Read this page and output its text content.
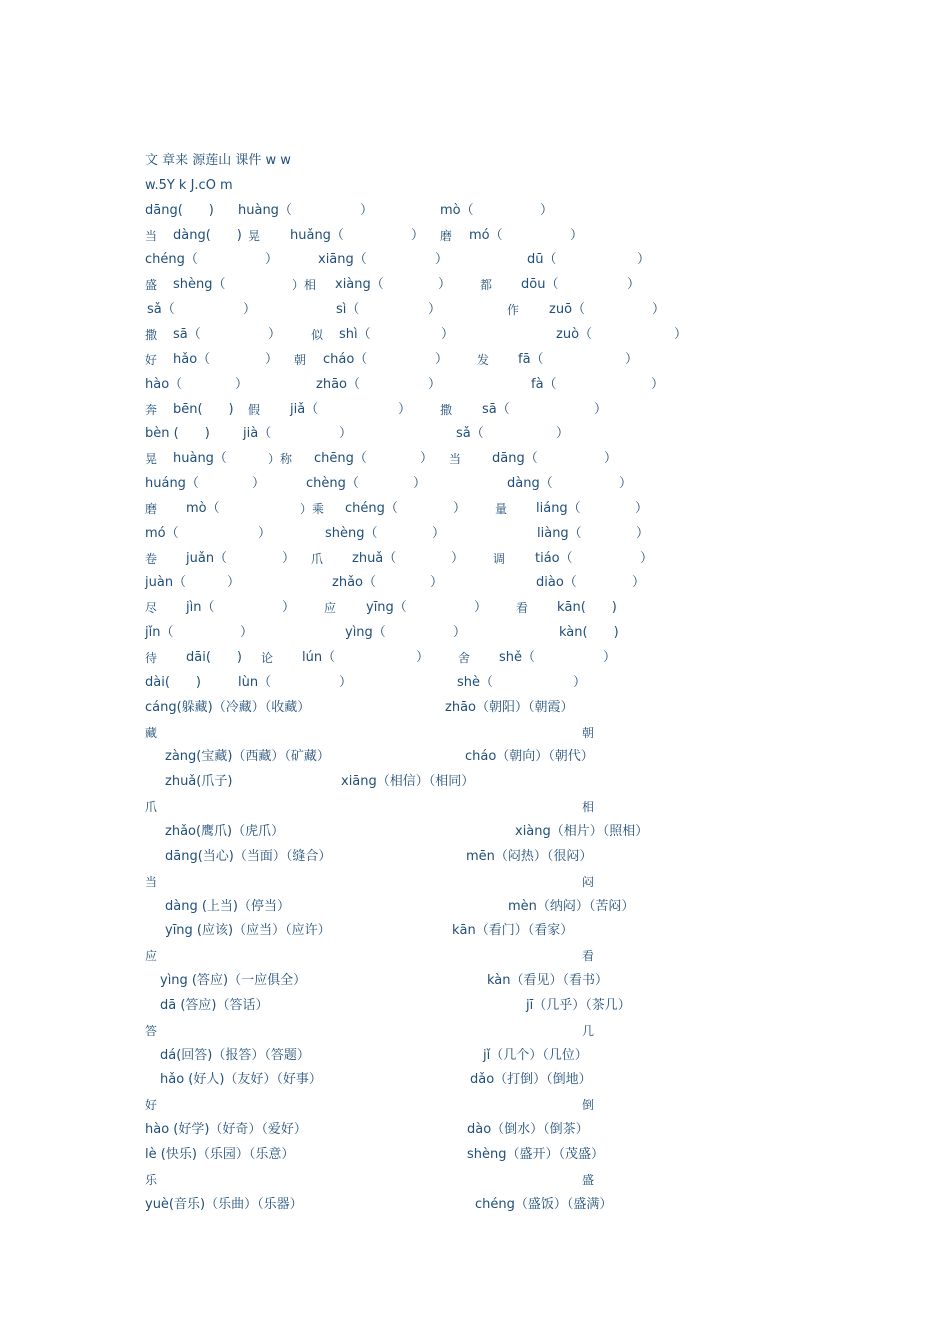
文 章来 源莲山 课件 w w
w.5Y k J.cO m
dāng(　　) huàng（	）	mò（	）
当 dàng(　　) 晃 huǎng（	） 磨 mó（	）
chéng（	）	xiāng（	）	dū（	）
盛 shèng（	）相 xiàng（	） 都 dōu（	）
sǎ（	）	sì（	）	作 zuō（	）
撒 sā（	） 似 shì（	）	zuò（	）
好 hǎo（	） 朝 cháo（	） 发 fā（	）
hào（	）	zhāo（	）	fà（	）
奔 bēn(　　) 假 jiǎ（	） 撒 sā（	）
bèn (　　)	jià（	）	sǎ（	）
晃 huàng（	）称 chēng（	） 当 dāng（	）
huáng（	）	chèng（	）	dàng（	）
磨 mò（	）乘 chéng（	） 量 liáng（	）
mó（	）	shèng（	）	liàng（	）
卷 juǎn（	） 爪 zhuǎ（	） 调 tiáo（	）
juàn（	）	zhǎo（	）	diào（	）
尽 jìn（	） 应 yīng（	） 看 kān(　　)
jǐn（	）	yìng（	）	kàn(　　)
待 dāi(　　) 论 lún（	） 舍 shě（	）
dài(　　)	lùn（	）	shè（	）
cáng(躲藏)（冷藏）（收藏）	zhāo（朝阳）（朝霞）
藏	朝
zàng(宝藏)（西藏）（矿藏）	cháo（朝向）（朝代）
zhuǎ(爪子)	xiāng（相信）（相同）
爪	相
zhǎo(鹰爪)（虎爪）	xiàng（相片）（照相）
dāng(当心)（当面）（缝合）	mēn（闷热）（很闷）
当	闷
dàng (上当)（停当）	mèn（纳闷）（苦闷）
yīng (应该)（应当）（应许）	kān（看门）（看家）
应	看
yìng (答应)（一应俱全）	kàn（看见）（看书）
dā (答应)（答话）	jī（几乎）（茶几）
答	几
dá(回答)（报答）（答题）	jǐ（几个）（几位）
hǎo (好人)（友好）（好事）	dǎo（打倒）（倒地）
好	倒
hào (好学)（好奇）（爱好）	dào（倒水）（倒茶）
lè (快乐)（乐园）（乐意）	shèng（盛开）（茂盛）
乐	盛
yuè(音乐)（乐曲）（乐器）	chéng（盛饭）（盛满）
